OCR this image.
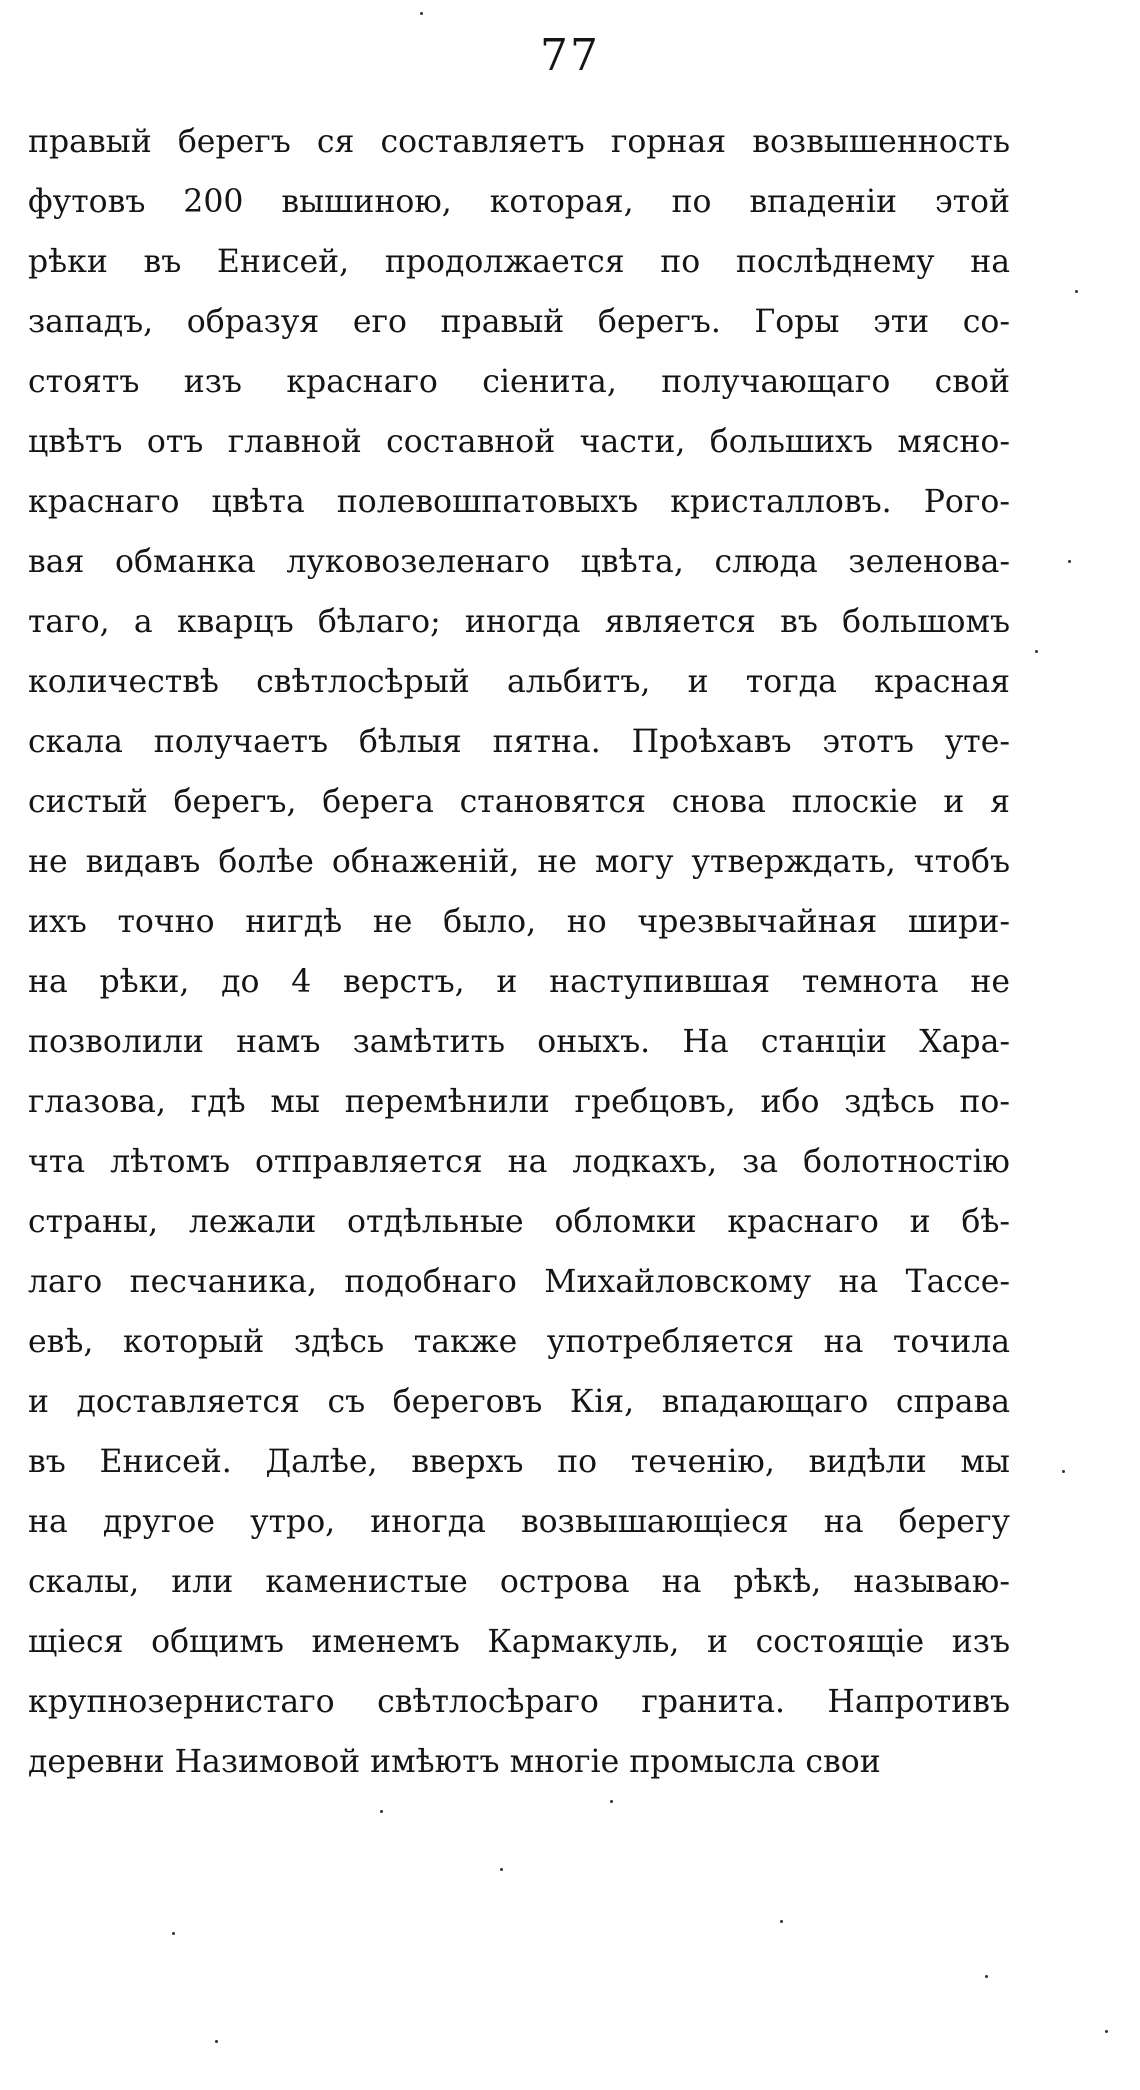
77
правый берегъ ся составляетъ горная возвышенность
футовъ 200 вышиною, которая, по впаденіи этой
рѣки въ Енисей, продолжается по послѣднему на
западъ, образуя его правый берегъ. Горы эти со-
стоятъ изъ краснаго сіенита, получающаго свой
цвѣтъ отъ главной составной части, большихъ мясно-
краснаго цвѣта полевошпатовыхъ кристалловъ. Рого-
вая обманка луковозеленаго цвѣта, слюда зеленова-
таго, а кварцъ бѣлаго; иногда является въ большомъ
количествѣ свѣтлосѣрый альбитъ, и тогда красная
скала получаетъ бѣлыя пятна. Проѣхавъ этотъ уте-
систый берегъ, берега становятся снова плоскіе и я
не видавъ болѣе обнаженій, не могу утверждать, чтобъ
ихъ точно нигдѣ не было, но чрезвычайная шири-
на рѣки, до 4 верстъ, и наступившая темнота не
позволили намъ замѣтить оныхъ. На станціи Хара-
глазова, гдѣ мы перемѣнили гребцовъ, ибо здѣсь по-
чта лѣтомъ отправляется на лодкахъ, за болотностію
страны, лежали отдѣльные обломки краснаго и бѣ-
лаго песчаника, подобнаго Михайловскому на Тассе-
евѣ, который здѣсь также употребляется на точила
и доставляется съ береговъ Кія, впадающаго справа
въ Енисей. Далѣе, вверхъ по теченію, видѣли мы
на другое утро, иногда возвышающіеся на берегу
скалы, или каменистые острова на рѣкѣ, называю-
щіеся общимъ именемъ Кармакуль, и состоящіе изъ
крупнозернистаго свѣтлосѣраго гранита. Напротивъ
деревни Назимовой имѣютъ многіе промысла свои
